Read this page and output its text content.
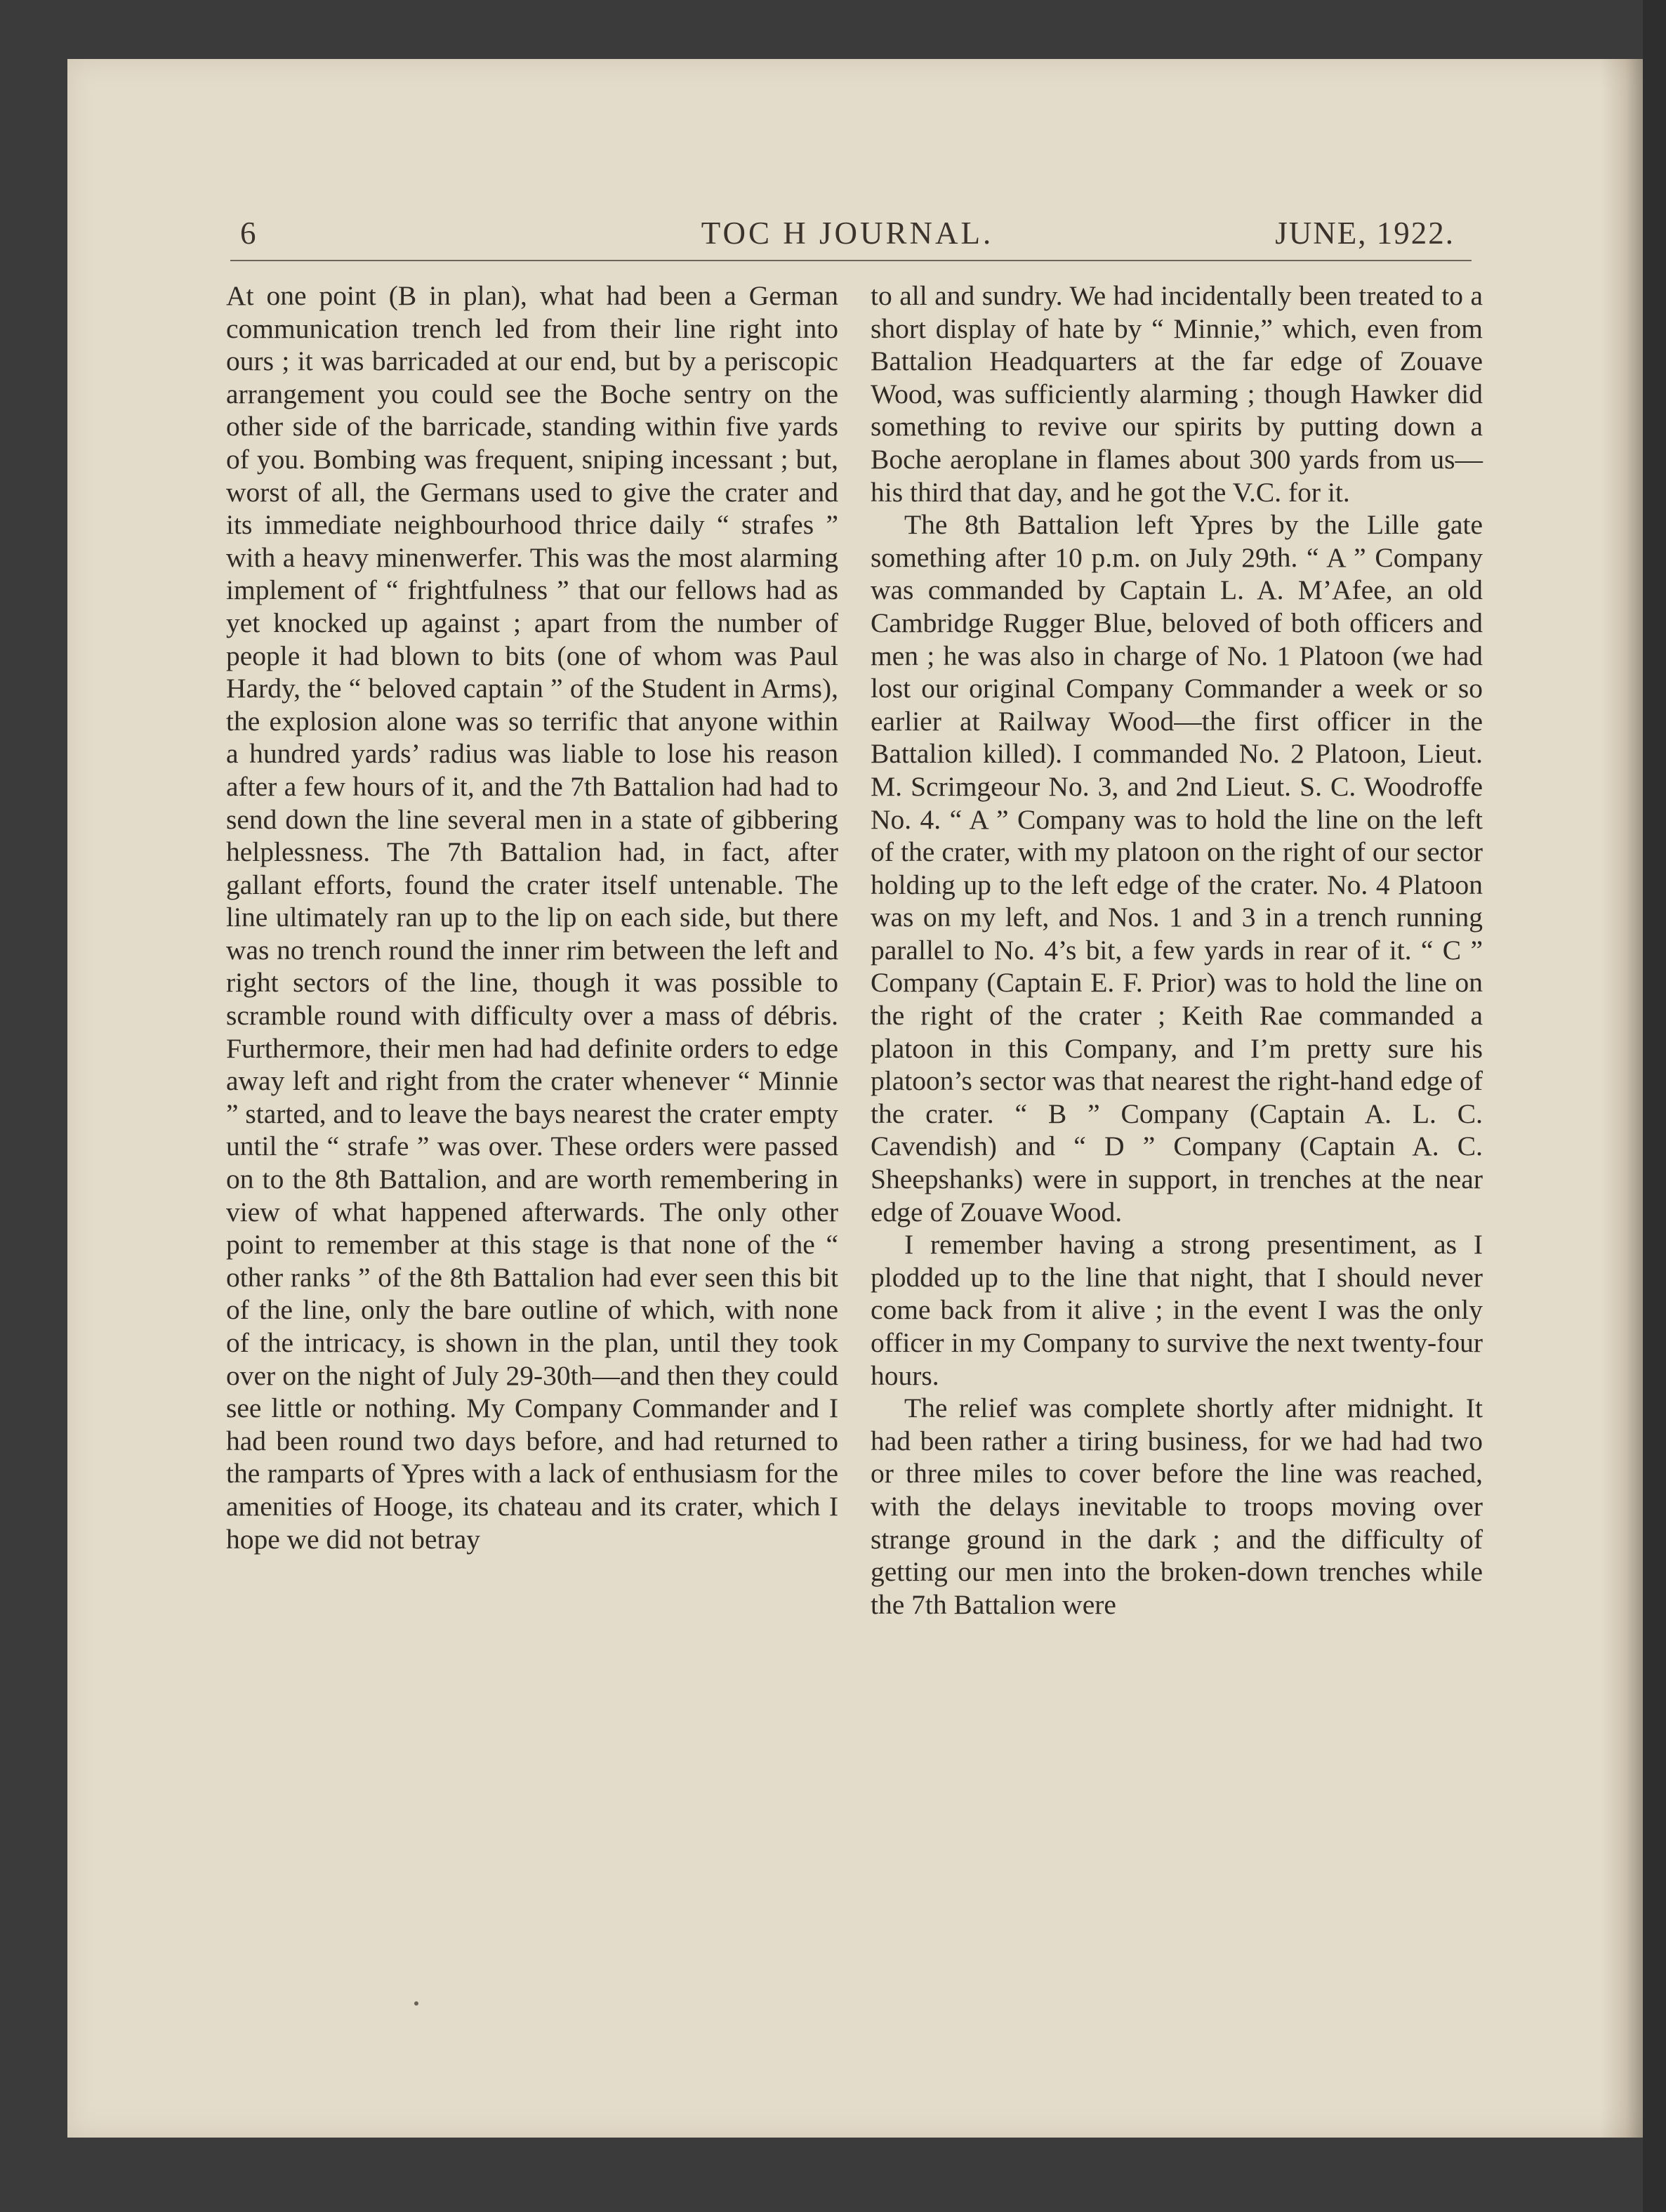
6	TOC H JOURNAL.	JUNE, 1922.

At one point (B in plan), what had been a German communication trench led from their line right into ours ; it was barricaded at our end, but by a periscopic arrangement you could see the Boche sentry on the other side of the barricade, standing within five yards of you. Bombing was frequent, sniping incessant ; but, worst of all, the Germans used to give the crater and its immediate neighbourhood thrice daily “ strafes ” with a heavy minenwerfer. This was the most alarming implement of “ frightfulness ” that our fellows had as yet knocked up against ; apart from the number of people it had blown to bits (one of whom was Paul Hardy, the “ beloved captain ” of the Student in Arms), the explosion alone was so terrific that anyone within a hundred yards’ radius was liable to lose his reason after a few hours of it, and the 7th Battalion had had to send down the line several men in a state of gibbering helplessness. The 7th Battalion had, in fact, after gallant efforts, found the crater itself untenable. The line ultimately ran up to the lip on each side, but there was no trench round the inner rim between the left and right sectors of the line, though it was possible to scramble round with difficulty over a mass of débris. Furthermore, their men had had definite orders to edge away left and right from the crater whenever “ Minnie ” started, and to leave the bays nearest the crater empty until the “ strafe ” was over. These orders were passed on to the 8th Battalion, and are worth remembering in view of what happened afterwards. The only other point to remember at this stage is that none of the “ other ranks ” of the 8th Battalion had ever seen this bit of the line, only the bare outline of which, with none of the intricacy, is shown in the plan, until they took over on the night of July 29-30th—and then they could see little or nothing. My Company Commander and I had been round two days before, and had returned to the ramparts of Ypres with a lack of enthusiasm for the amenities of Hooge, its chateau and its crater, which I hope we did not betray

to all and sundry. We had incidentally been treated to a short display of hate by “ Minnie,” which, even from Battalion Headquarters at the far edge of Zouave Wood, was sufficiently alarming ; though Hawker did something to revive our spirits by putting down a Boche aeroplane in flames about 300 yards from us—his third that day, and he got the V.C. for it.

The 8th Battalion left Ypres by the Lille gate something after 10 p.m. on July 29th. “ A ” Company was commanded by Captain L. A. M’Afee, an old Cambridge Rugger Blue, beloved of both officers and men ; he was also in charge of No. 1 Platoon (we had lost our original Company Commander a week or so earlier at Railway Wood—the first officer in the Battalion killed). I commanded No. 2 Platoon, Lieut. M. Scrimgeour No. 3, and 2nd Lieut. S. C. Woodroffe No. 4. “ A ” Company was to hold the line on the left of the crater, with my platoon on the right of our sector holding up to the left edge of the crater. No. 4 Platoon was on my left, and Nos. 1 and 3 in a trench running parallel to No. 4’s bit, a few yards in rear of it. “ C ” Company (Captain E. F. Prior) was to hold the line on the right of the crater ; Keith Rae commanded a platoon in this Company, and I’m pretty sure his platoon’s sector was that nearest the right-hand edge of the crater. “ B ” Company (Captain A. L. C. Cavendish) and “ D ” Company (Captain A. C. Sheepshanks) were in support, in trenches at the near edge of Zouave Wood.

I remember having a strong presentiment, as I plodded up to the line that night, that I should never come back from it alive ; in the event I was the only officer in my Company to survive the next twenty-four hours.

The relief was complete shortly after midnight. It had been rather a tiring business, for we had had two or three miles to cover before the line was reached, with the delays inevitable to troops moving over strange ground in the dark ; and the difficulty of getting our men into the broken-down trenches while the 7th Battalion were
